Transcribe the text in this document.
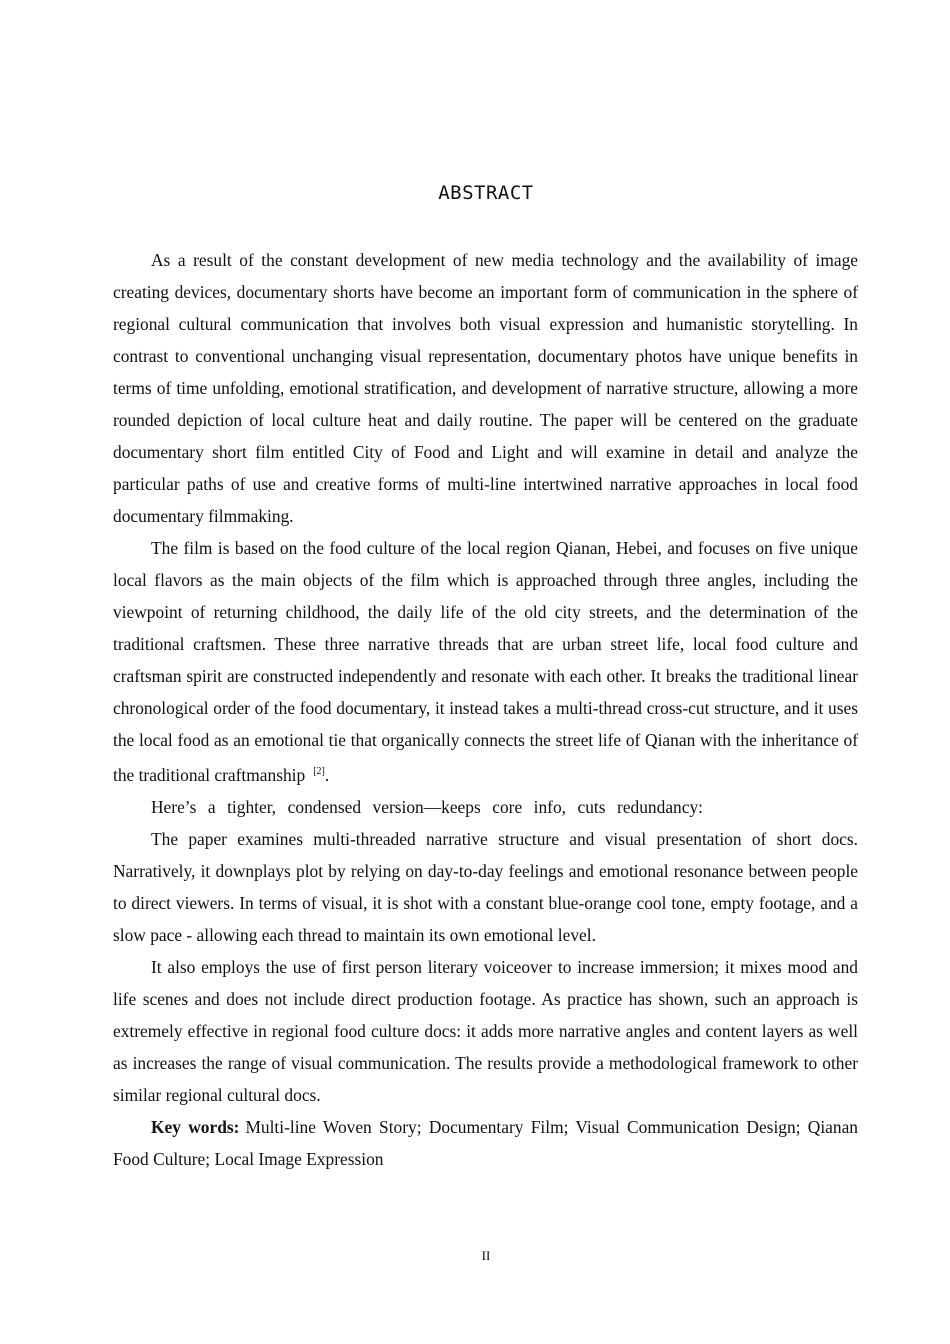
ABSTRACT

As a result of the constant development of new media technology and the availability of image creating devices, documentary shorts have become an important form of communication in the sphere of regional cultural communication that involves both visual expression and humanistic storytelling. In contrast to conventional unchanging visual representation, documentary photos have unique benefits in terms of time unfolding, emotional stratification, and development of narrative structure, allowing a more rounded depiction of local culture heat and daily routine. The paper will be centered on the graduate documentary short film entitled City of Food and Light and will examine in detail and analyze the particular paths of use and creative forms of multi-line intertwined narrative approaches in local food documentary filmmaking.

The film is based on the food culture of the local region Qianan, Hebei, and focuses on five unique local flavors as the main objects of the film which is approached through three angles, including the viewpoint of returning childhood, the daily life of the old city streets, and the determination of the traditional craftsmen. These three narrative threads that are urban street life, local food culture and craftsman spirit are constructed independently and resonate with each other. It breaks the traditional linear chronological order of the food documentary, it instead takes a multi-thread cross-cut structure, and it uses the local food as an emotional tie that organically connects the street life of Qianan with the inheritance of the traditional craftmanship [2].

Here’s a tighter, condensed version—keeps core info, cuts redundancy:

The paper examines multi-threaded narrative structure and visual presentation of short docs. Narratively, it downplays plot by relying on day-to-day feelings and emotional resonance between people to direct viewers. In terms of visual, it is shot with a constant blue-orange cool tone, empty footage, and a slow pace - allowing each thread to maintain its own emotional level.

It also employs the use of first person literary voiceover to increase immersion; it mixes mood and life scenes and does not include direct production footage. As practice has shown, such an approach is extremely effective in regional food culture docs: it adds more narrative angles and content layers as well as increases the range of visual communication. The results provide a methodological framework to other similar regional cultural docs.

Key words: Multi-line Woven Story; Documentary Film; Visual Communication Design; Qianan Food Culture; Local Image Expression

II
